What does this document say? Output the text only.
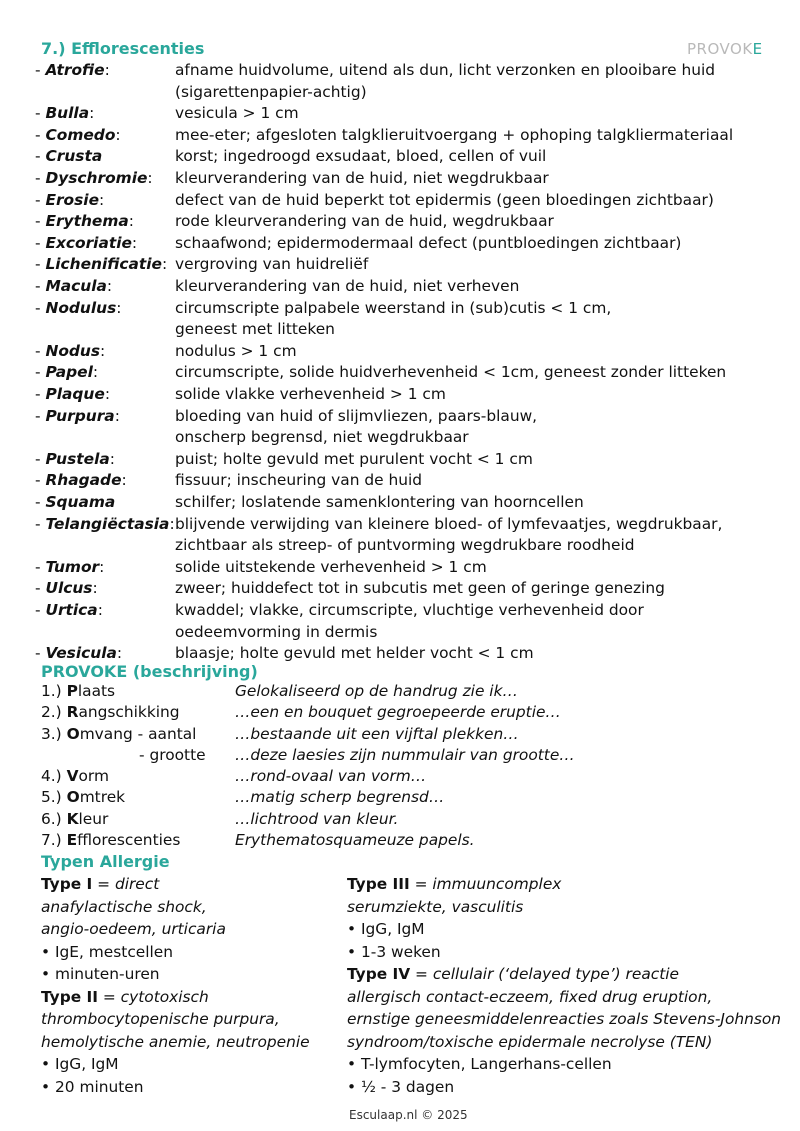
7.) Efflorescenties	PROVOKE
- Atrofie:	afname huidvolume, uitend als dun, licht verzonken en plooibare huid
(sigarettenpapier-achtig)
- Bulla:	vesicula > 1 cm
- Comedo:	mee-eter; afgesloten talgklieruitvoergang + ophoping talgkliermateriaal
- Crusta	korst; ingedroogd exsudaat, bloed, cellen of vuil
- Dyschromie: kleurverandering van de huid, niet wegdrukbaar
- Erosie:	defect van de huid beperkt tot epidermis (geen bloedingen zichtbaar)
- Erythema:	rode kleurverandering van de huid, wegdrukbaar
- Excoriatie: schaafwond; epidermodermaal defect (puntbloedingen zichtbaar)
- Lichenificatie: vergroving van huidreliëf
- Macula:	kleurverandering van de huid, niet verheven
- Nodulus:	circumscripte palpabele weerstand in (sub)cutis < 1 cm,
geneest met litteken
- Nodus:	nodulus > 1 cm
- Papel:	circumscripte, solide huidverhevenheid < 1cm, geneest zonder litteken
- Plaque:	solide vlakke verhevenheid > 1 cm
- Purpura:	bloeding van huid of slijmvliezen, paars-blauw,
onscherp begrensd, niet wegdrukbaar
- Pustela:	puist; holte gevuld met purulent vocht < 1 cm
- Rhagade:	fissuur; inscheuring van de huid
- Squama	schilfer; loslatende samenklontering van hoorncellen
- Telangiëctasia: blijvende verwijding van kleinere bloed- of lymfevaatjes, wegdrukbaar,
zichtbaar als streep- of puntvorming wegdrukbare roodheid
- Tumor:	solide uitstekende verhevenheid > 1 cm
- Ulcus:	zweer; huiddefect tot in subcutis met geen of geringe genezing
- Urtica:	kwaddel; vlakke, circumscripte, vluchtige verhevenheid door
oedeemvorming in dermis
- Vesicula:	blaasje; holte gevuld met helder vocht < 1 cm
PROVOKE (beschrijving)
1.) Plaats	Gelokaliseerd op de handrug zie ik…
2.) Rangschikking	…een en bouquet gegroepeerde eruptie…
3.) Omvang - aantal	…bestaande uit een vijftal plekken…
- grootte …deze laesies zijn nummulair van grootte…
4.) Vorm	…rond-ovaal van vorm…
5.) Omtrek	…matig scherp begrensd…
6.) Kleur	…lichtrood van kleur.
7.) Efflorescenties	Erythematosquameuze papels.
Typen Allergie
Type I = direct
anafylactische shock,
angio-oedeem, urticaria
• IgE, mestcellen
• minuten-uren
Type II = cytotoxisch
thrombocytopenische purpura,
hemolytische anemie, neutropenie
• IgG, IgM
• 20 minuten
Type III = immuuncomplex
serumziekte, vasculitis
• IgG, IgM
• 1-3 weken
Type IV = cellulair (‘delayed type’) reactie
allergisch contact-eczeem, fixed drug eruption,
ernstige geneesmiddelenreacties zoals Stevens-Johnson
syndroom/toxische epidermale necrolyse (TEN)
• T-lymfocyten, Langerhans-cellen
• ½ - 3 dagen
Esculaap.nl © 2025
